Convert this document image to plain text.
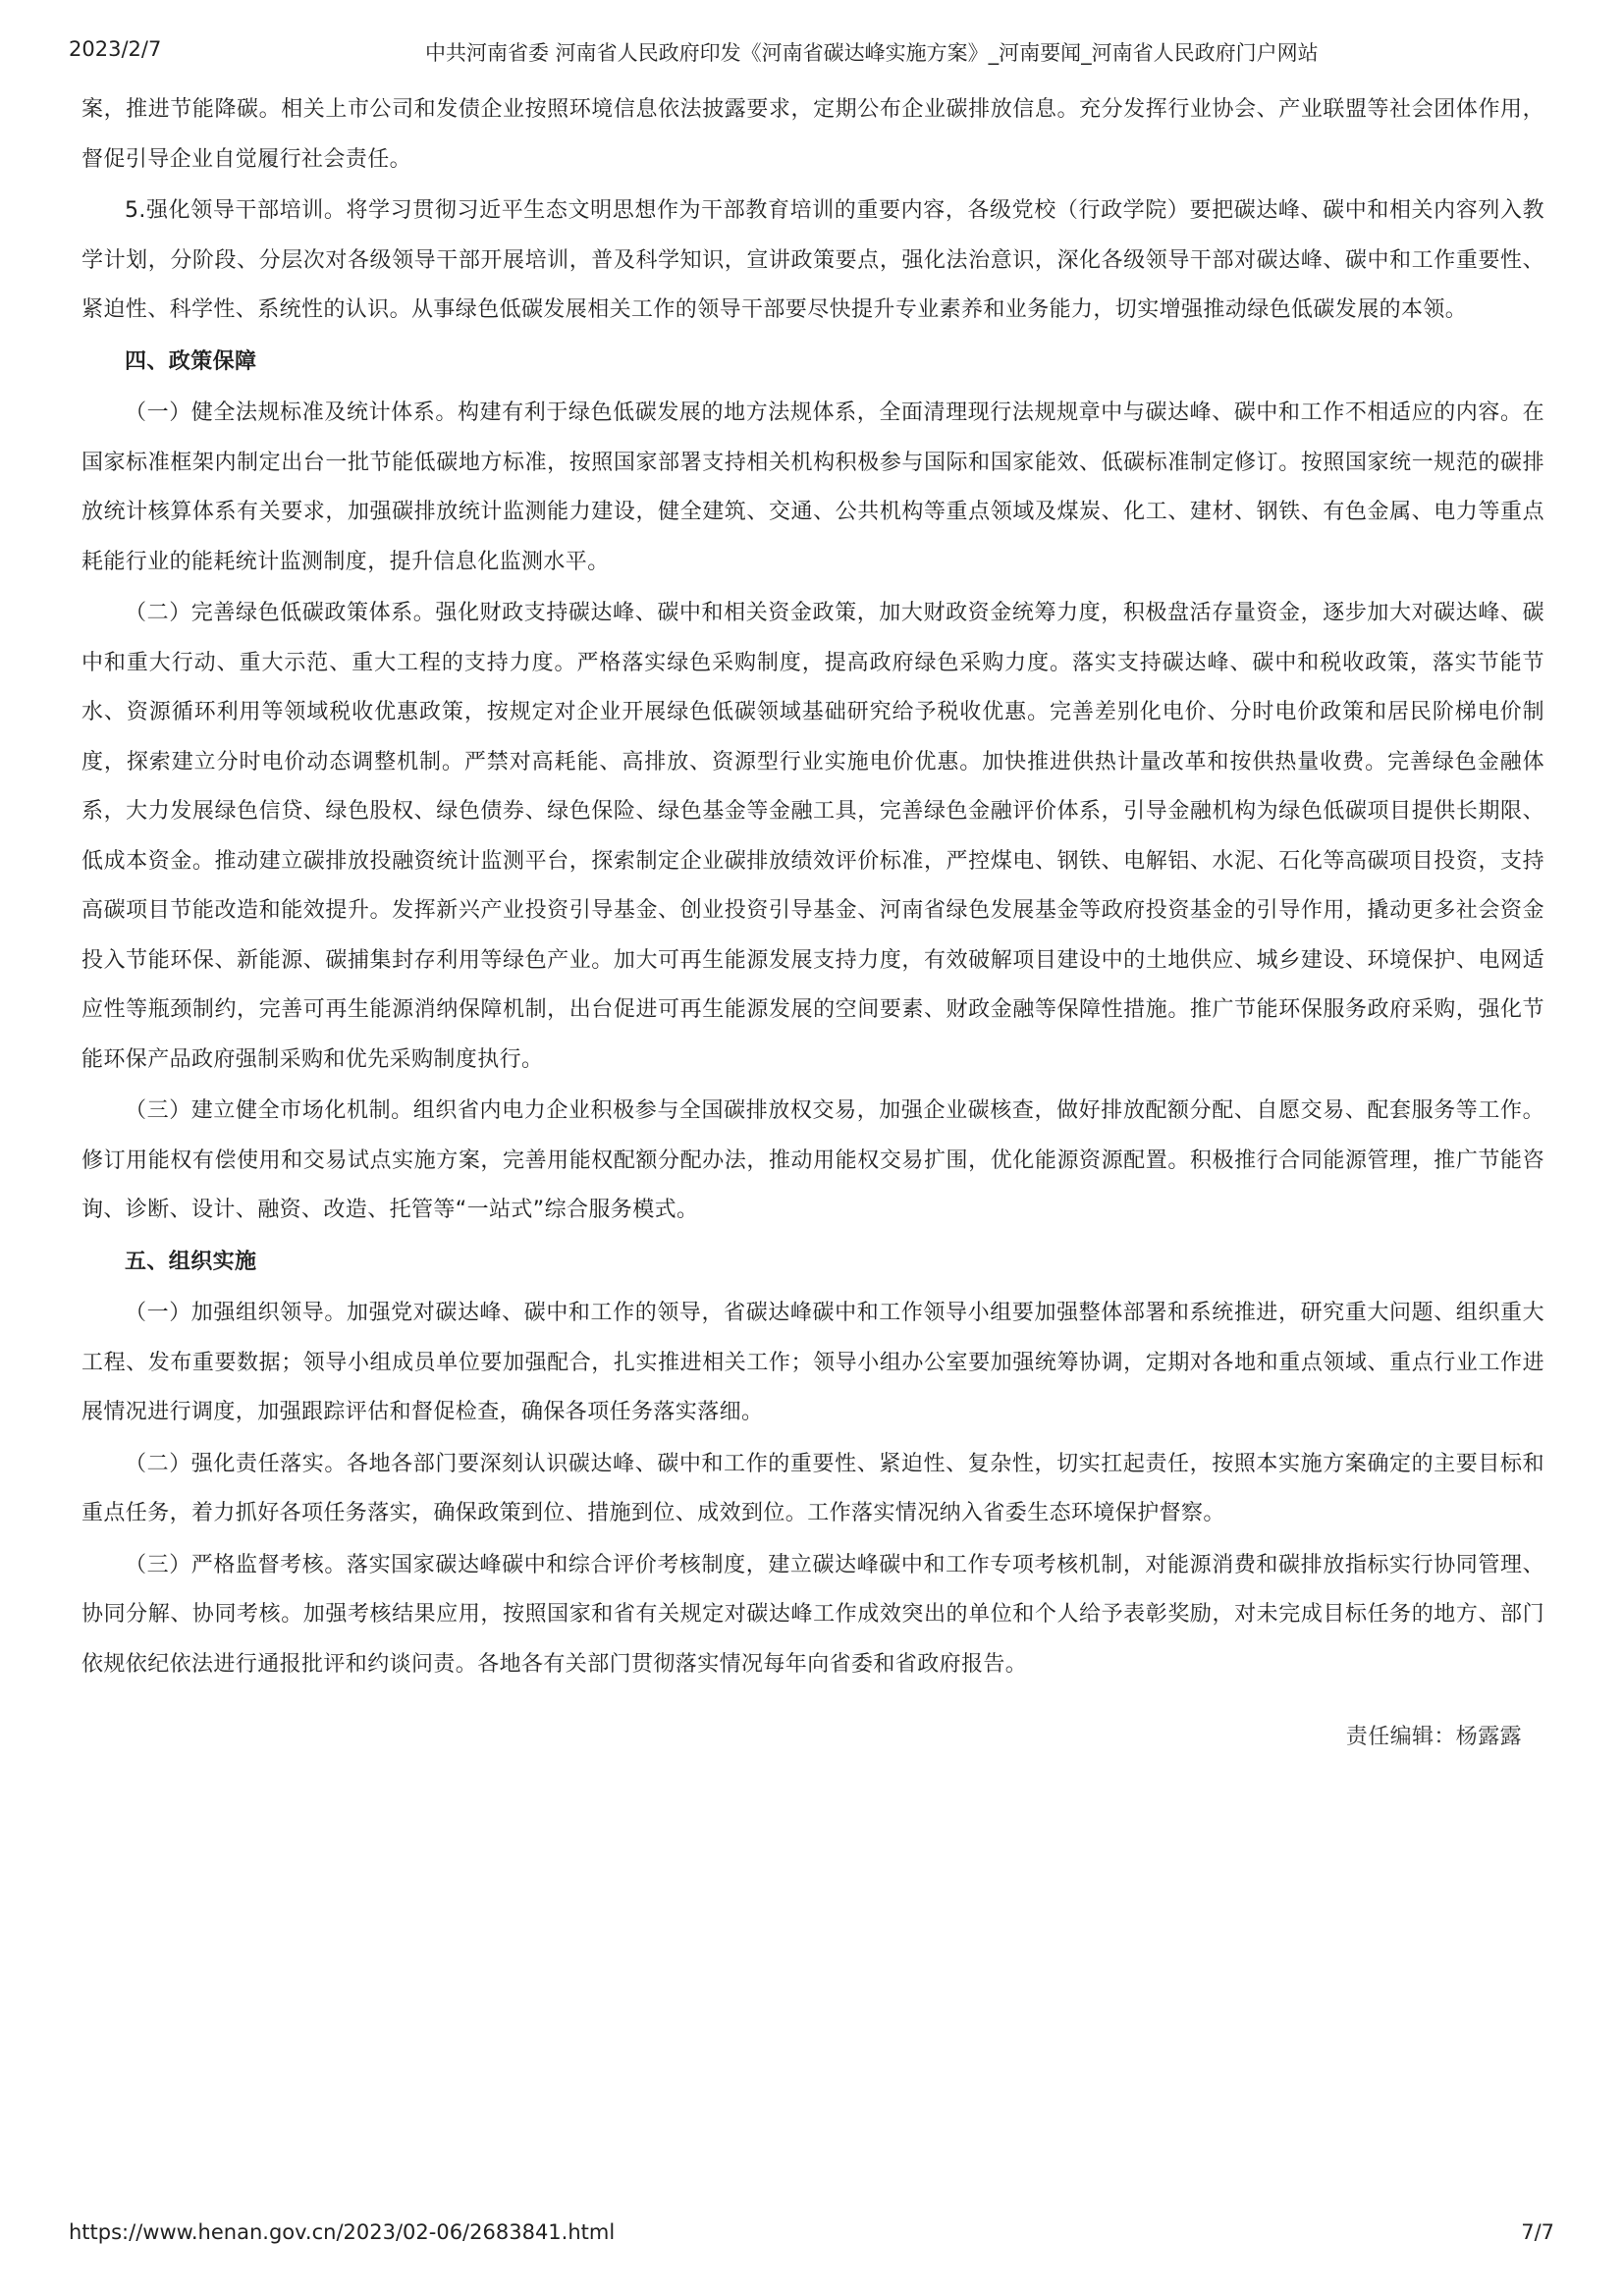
2023/2/7	中共河南省委 河南省人民政府印发《河南省碳达峰实施方案》_河南要闻_河南省人民政府门户网站

案，推进节能降碳。相关上市公司和发债企业按照环境信息依法披露要求，定期公布企业碳排放信息。充分发挥行业协会、产业联盟等社会团体作用，督促引导企业自觉履行社会责任。

5.强化领导干部培训。将学习贯彻习近平生态文明思想作为干部教育培训的重要内容，各级党校（行政学院）要把碳达峰、碳中和相关内容列入教学计划，分阶段、分层次对各级领导干部开展培训，普及科学知识，宣讲政策要点，强化法治意识，深化各级领导干部对碳达峰、碳中和工作重要性、紧迫性、科学性、系统性的认识。从事绿色低碳发展相关工作的领导干部要尽快提升专业素养和业务能力，切实增强推动绿色低碳发展的本领。

四、政策保障

（一）健全法规标准及统计体系。构建有利于绿色低碳发展的地方法规体系，全面清理现行法规规章中与碳达峰、碳中和工作不相适应的内容。在国家标准框架内制定出台一批节能低碳地方标准，按照国家部署支持相关机构积极参与国际和国家能效、低碳标准制定修订。按照国家统一规范的碳排放统计核算体系有关要求，加强碳排放统计监测能力建设，健全建筑、交通、公共机构等重点领域及煤炭、化工、建材、钢铁、有色金属、电力等重点耗能行业的能耗统计监测制度，提升信息化监测水平。

（二）完善绿色低碳政策体系。强化财政支持碳达峰、碳中和相关资金政策，加大财政资金统筹力度，积极盘活存量资金，逐步加大对碳达峰、碳中和重大行动、重大示范、重大工程的支持力度。严格落实绿色采购制度，提高政府绿色采购力度。落实支持碳达峰、碳中和税收政策，落实节能节水、资源循环利用等领域税收优惠政策，按规定对企业开展绿色低碳领域基础研究给予税收优惠。完善差别化电价、分时电价政策和居民阶梯电价制度，探索建立分时电价动态调整机制。严禁对高耗能、高排放、资源型行业实施电价优惠。加快推进供热计量改革和按供热量收费。完善绿色金融体系，大力发展绿色信贷、绿色股权、绿色债券、绿色保险、绿色基金等金融工具，完善绿色金融评价体系，引导金融机构为绿色低碳项目提供长期限、低成本资金。推动建立碳排放投融资统计监测平台，探索制定企业碳排放绩效评价标准，严控煤电、钢铁、电解铝、水泥、石化等高碳项目投资，支持高碳项目节能改造和能效提升。发挥新兴产业投资引导基金、创业投资引导基金、河南省绿色发展基金等政府投资基金的引导作用，撬动更多社会资金投入节能环保、新能源、碳捕集封存利用等绿色产业。加大可再生能源发展支持力度，有效破解项目建设中的土地供应、城乡建设、环境保护、电网适应性等瓶颈制约，完善可再生能源消纳保障机制，出台促进可再生能源发展的空间要素、财政金融等保障性措施。推广节能环保服务政府采购，强化节能环保产品政府强制采购和优先采购制度执行。

（三）建立健全市场化机制。组织省内电力企业积极参与全国碳排放权交易，加强企业碳核查，做好排放配额分配、自愿交易、配套服务等工作。修订用能权有偿使用和交易试点实施方案，完善用能权配额分配办法，推动用能权交易扩围，优化能源资源配置。积极推行合同能源管理，推广节能咨询、诊断、设计、融资、改造、托管等“一站式”综合服务模式。

五、组织实施

（一）加强组织领导。加强党对碳达峰、碳中和工作的领导，省碳达峰碳中和工作领导小组要加强整体部署和系统推进，研究重大问题、组织重大工程、发布重要数据；领导小组成员单位要加强配合，扎实推进相关工作；领导小组办公室要加强统筹协调，定期对各地和重点领域、重点行业工作进展情况进行调度，加强跟踪评估和督促检查，确保各项任务落实落细。

（二）强化责任落实。各地各部门要深刻认识碳达峰、碳中和工作的重要性、紧迫性、复杂性，切实扛起责任，按照本实施方案确定的主要目标和重点任务，着力抓好各项任务落实，确保政策到位、措施到位、成效到位。工作落实情况纳入省委生态环境保护督察。

（三）严格监督考核。落实国家碳达峰碳中和综合评价考核制度，建立碳达峰碳中和工作专项考核机制，对能源消费和碳排放指标实行协同管理、协同分解、协同考核。加强考核结果应用，按照国家和省有关规定对碳达峰工作成效突出的单位和个人给予表彰奖励，对未完成目标任务的地方、部门依规依纪依法进行通报批评和约谈问责。各地各有关部门贯彻落实情况每年向省委和省政府报告。

责任编辑：杨露露
https://www.henan.gov.cn/2023/02-06/2683841.html	7/7
